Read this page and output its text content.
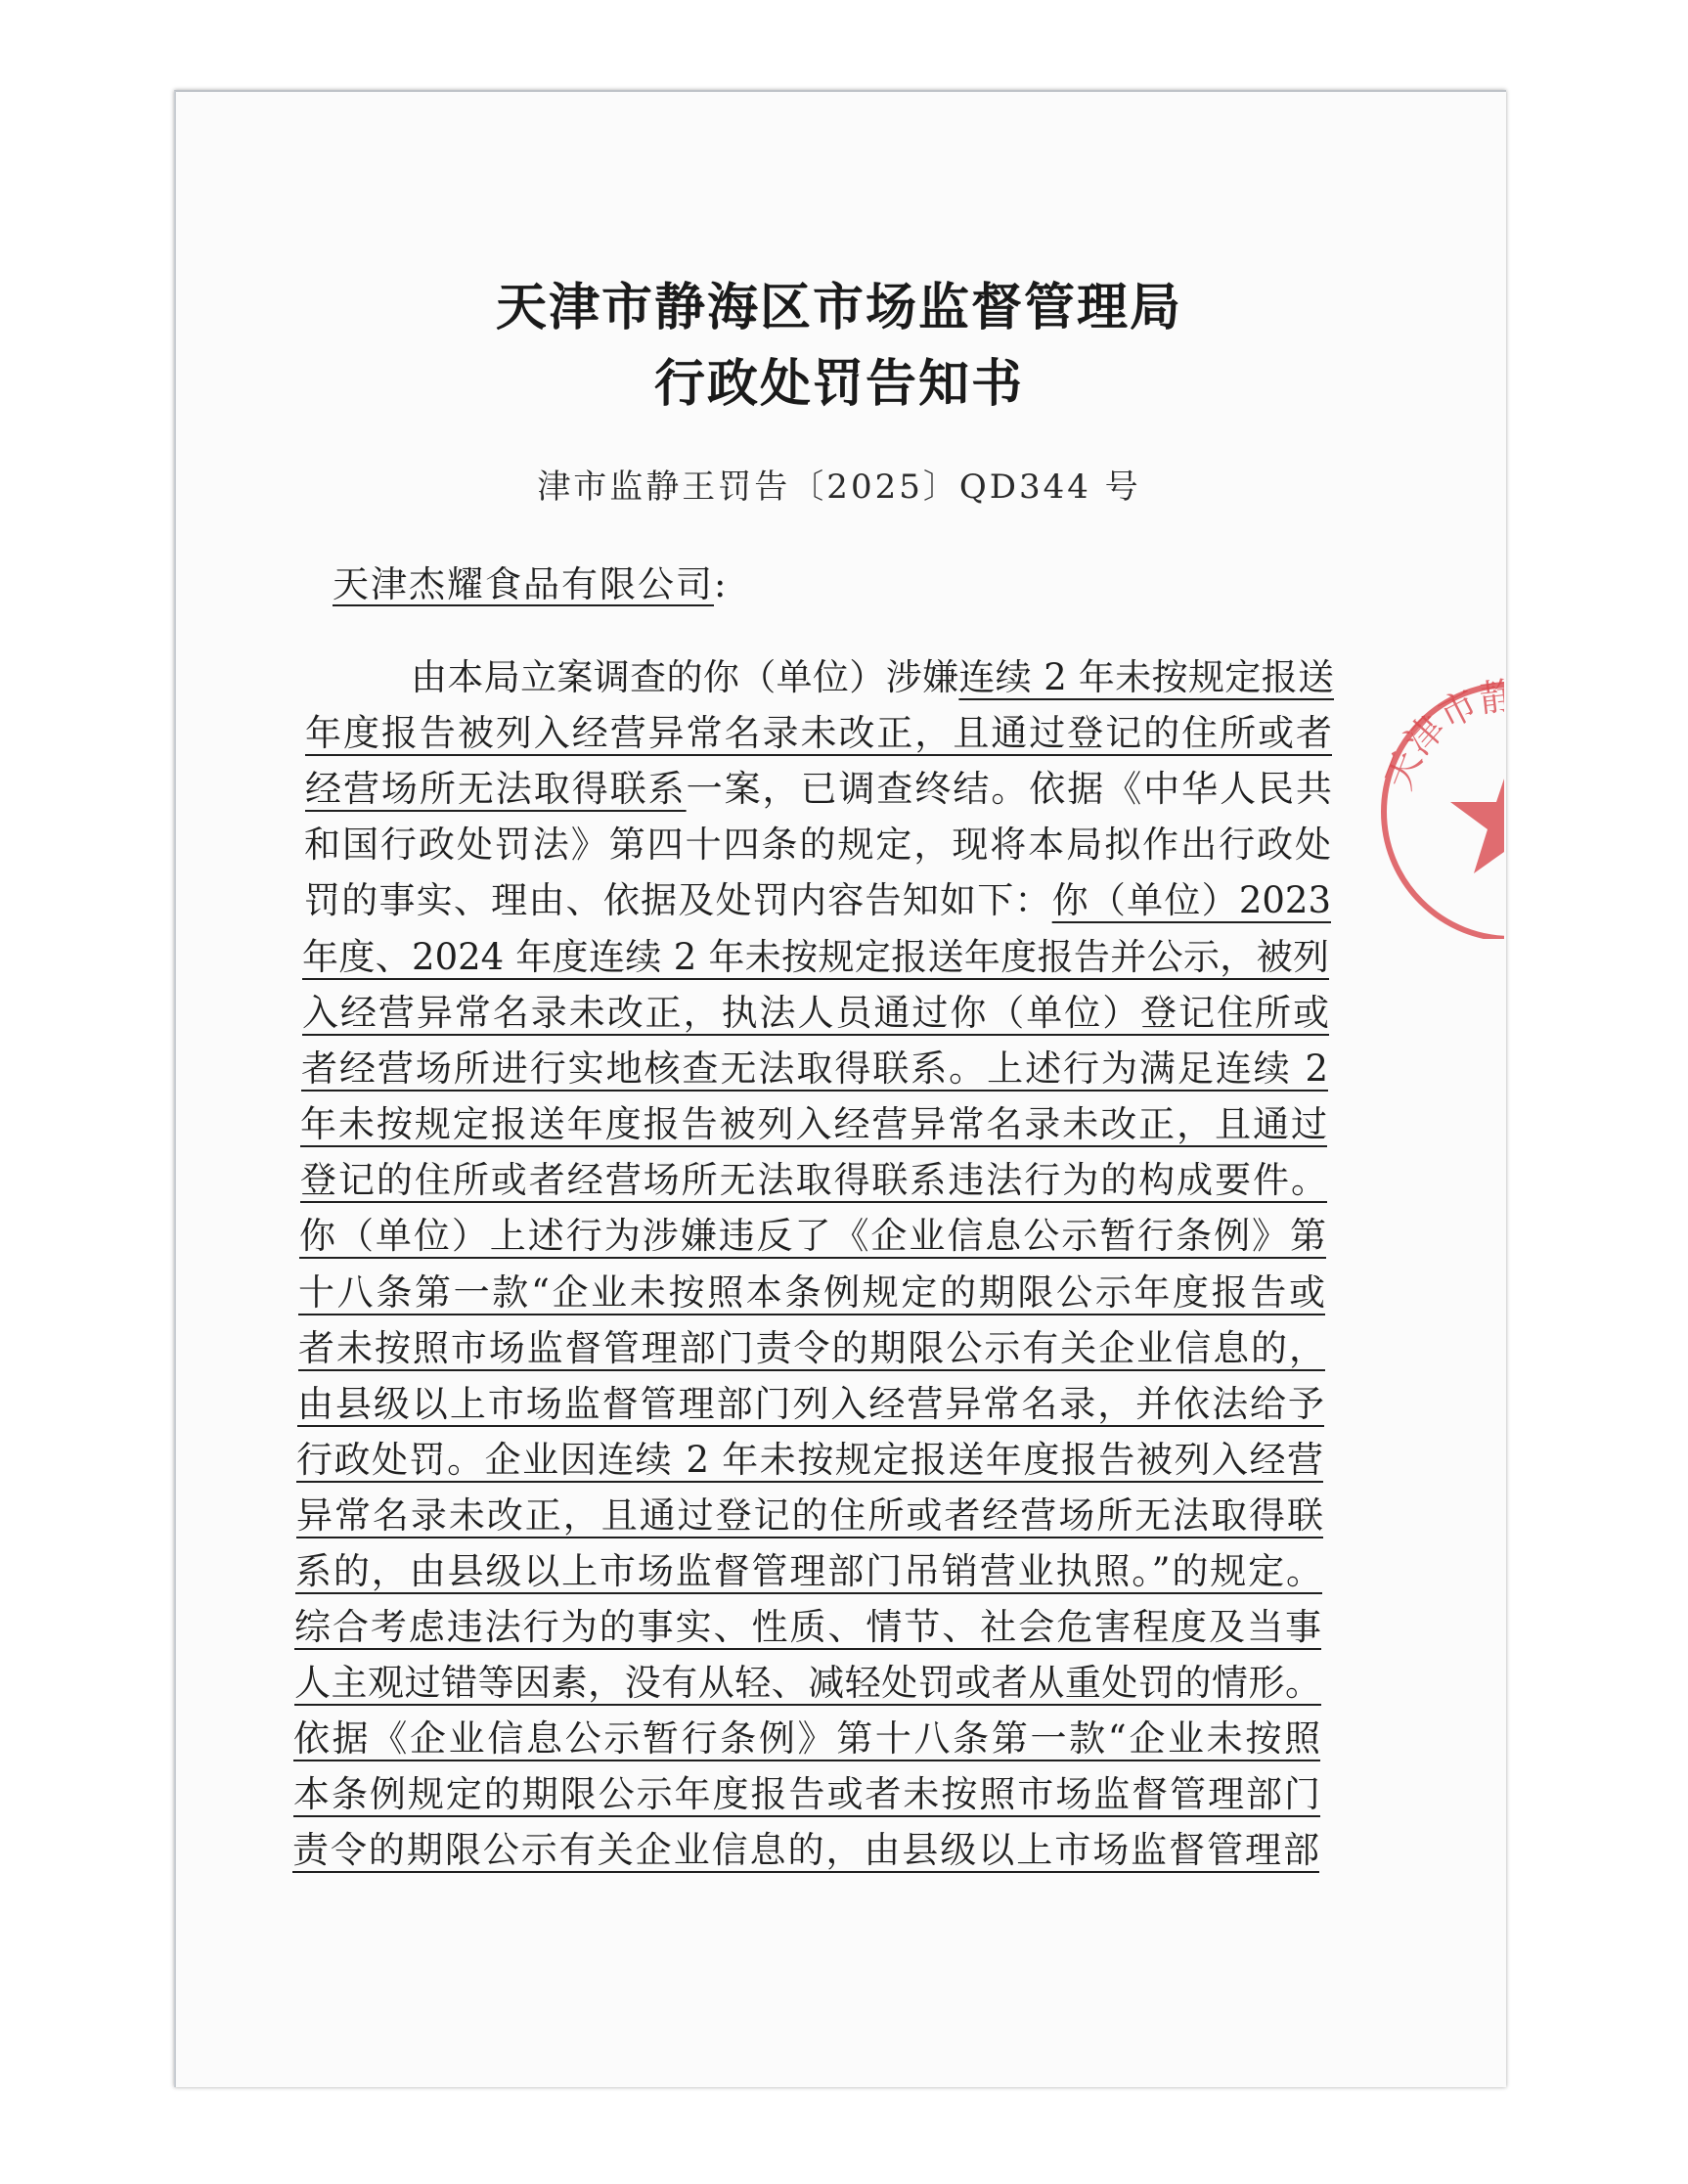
天津市静海区市场监督管理局
行政处罚告知书
津市监静王罚告〔2025〕QD344 号
天津杰耀食品有限公司:
由本局立案调查的你（单位）涉嫌连续 2 年未按规定报送
年度报告被列入经营异常名录未改正，且通过登记的住所或者
经营场所无法取得联系一案，已调查终结。依据《中华人民共
和国行政处罚法》第四十四条的规定，现将本局拟作出行政处
罚的事实、理由、依据及处罚内容告知如下：你（单位）2023
年度、2024 年度连续 2 年未按规定报送年度报告并公示，被列
入经营异常名录未改正，执法人员通过你（单位）登记住所或
者经营场所进行实地核查无法取得联系。上述行为满足连续 2
年未按规定报送年度报告被列入经营异常名录未改正，且通过
登记的住所或者经营场所无法取得联系违法行为的构成要件。
你（单位）上述行为涉嫌违反了《企业信息公示暂行条例》第
十八条第一款“企业未按照本条例规定的期限公示年度报告或
者未按照市场监督管理部门责令的期限公示有关企业信息的，
由县级以上市场监督管理部门列入经营异常名录，并依法给予
行政处罚。企业因连续 2 年未按规定报送年度报告被列入经营
异常名录未改正，且通过登记的住所或者经营场所无法取得联
系的，由县级以上市场监督管理部门吊销营业执照。”的规定。
综合考虑违法行为的事实、性质、情节、社会危害程度及当事
人主观过错等因素，没有从轻、减轻处罚或者从重处罚的情形。
依据《企业信息公示暂行条例》第十八条第一款“企业未按照
本条例规定的期限公示年度报告或者未按照市场监督管理部门
责令的期限公示有关企业信息的，由县级以上市场监督管理部
天津市静海区
